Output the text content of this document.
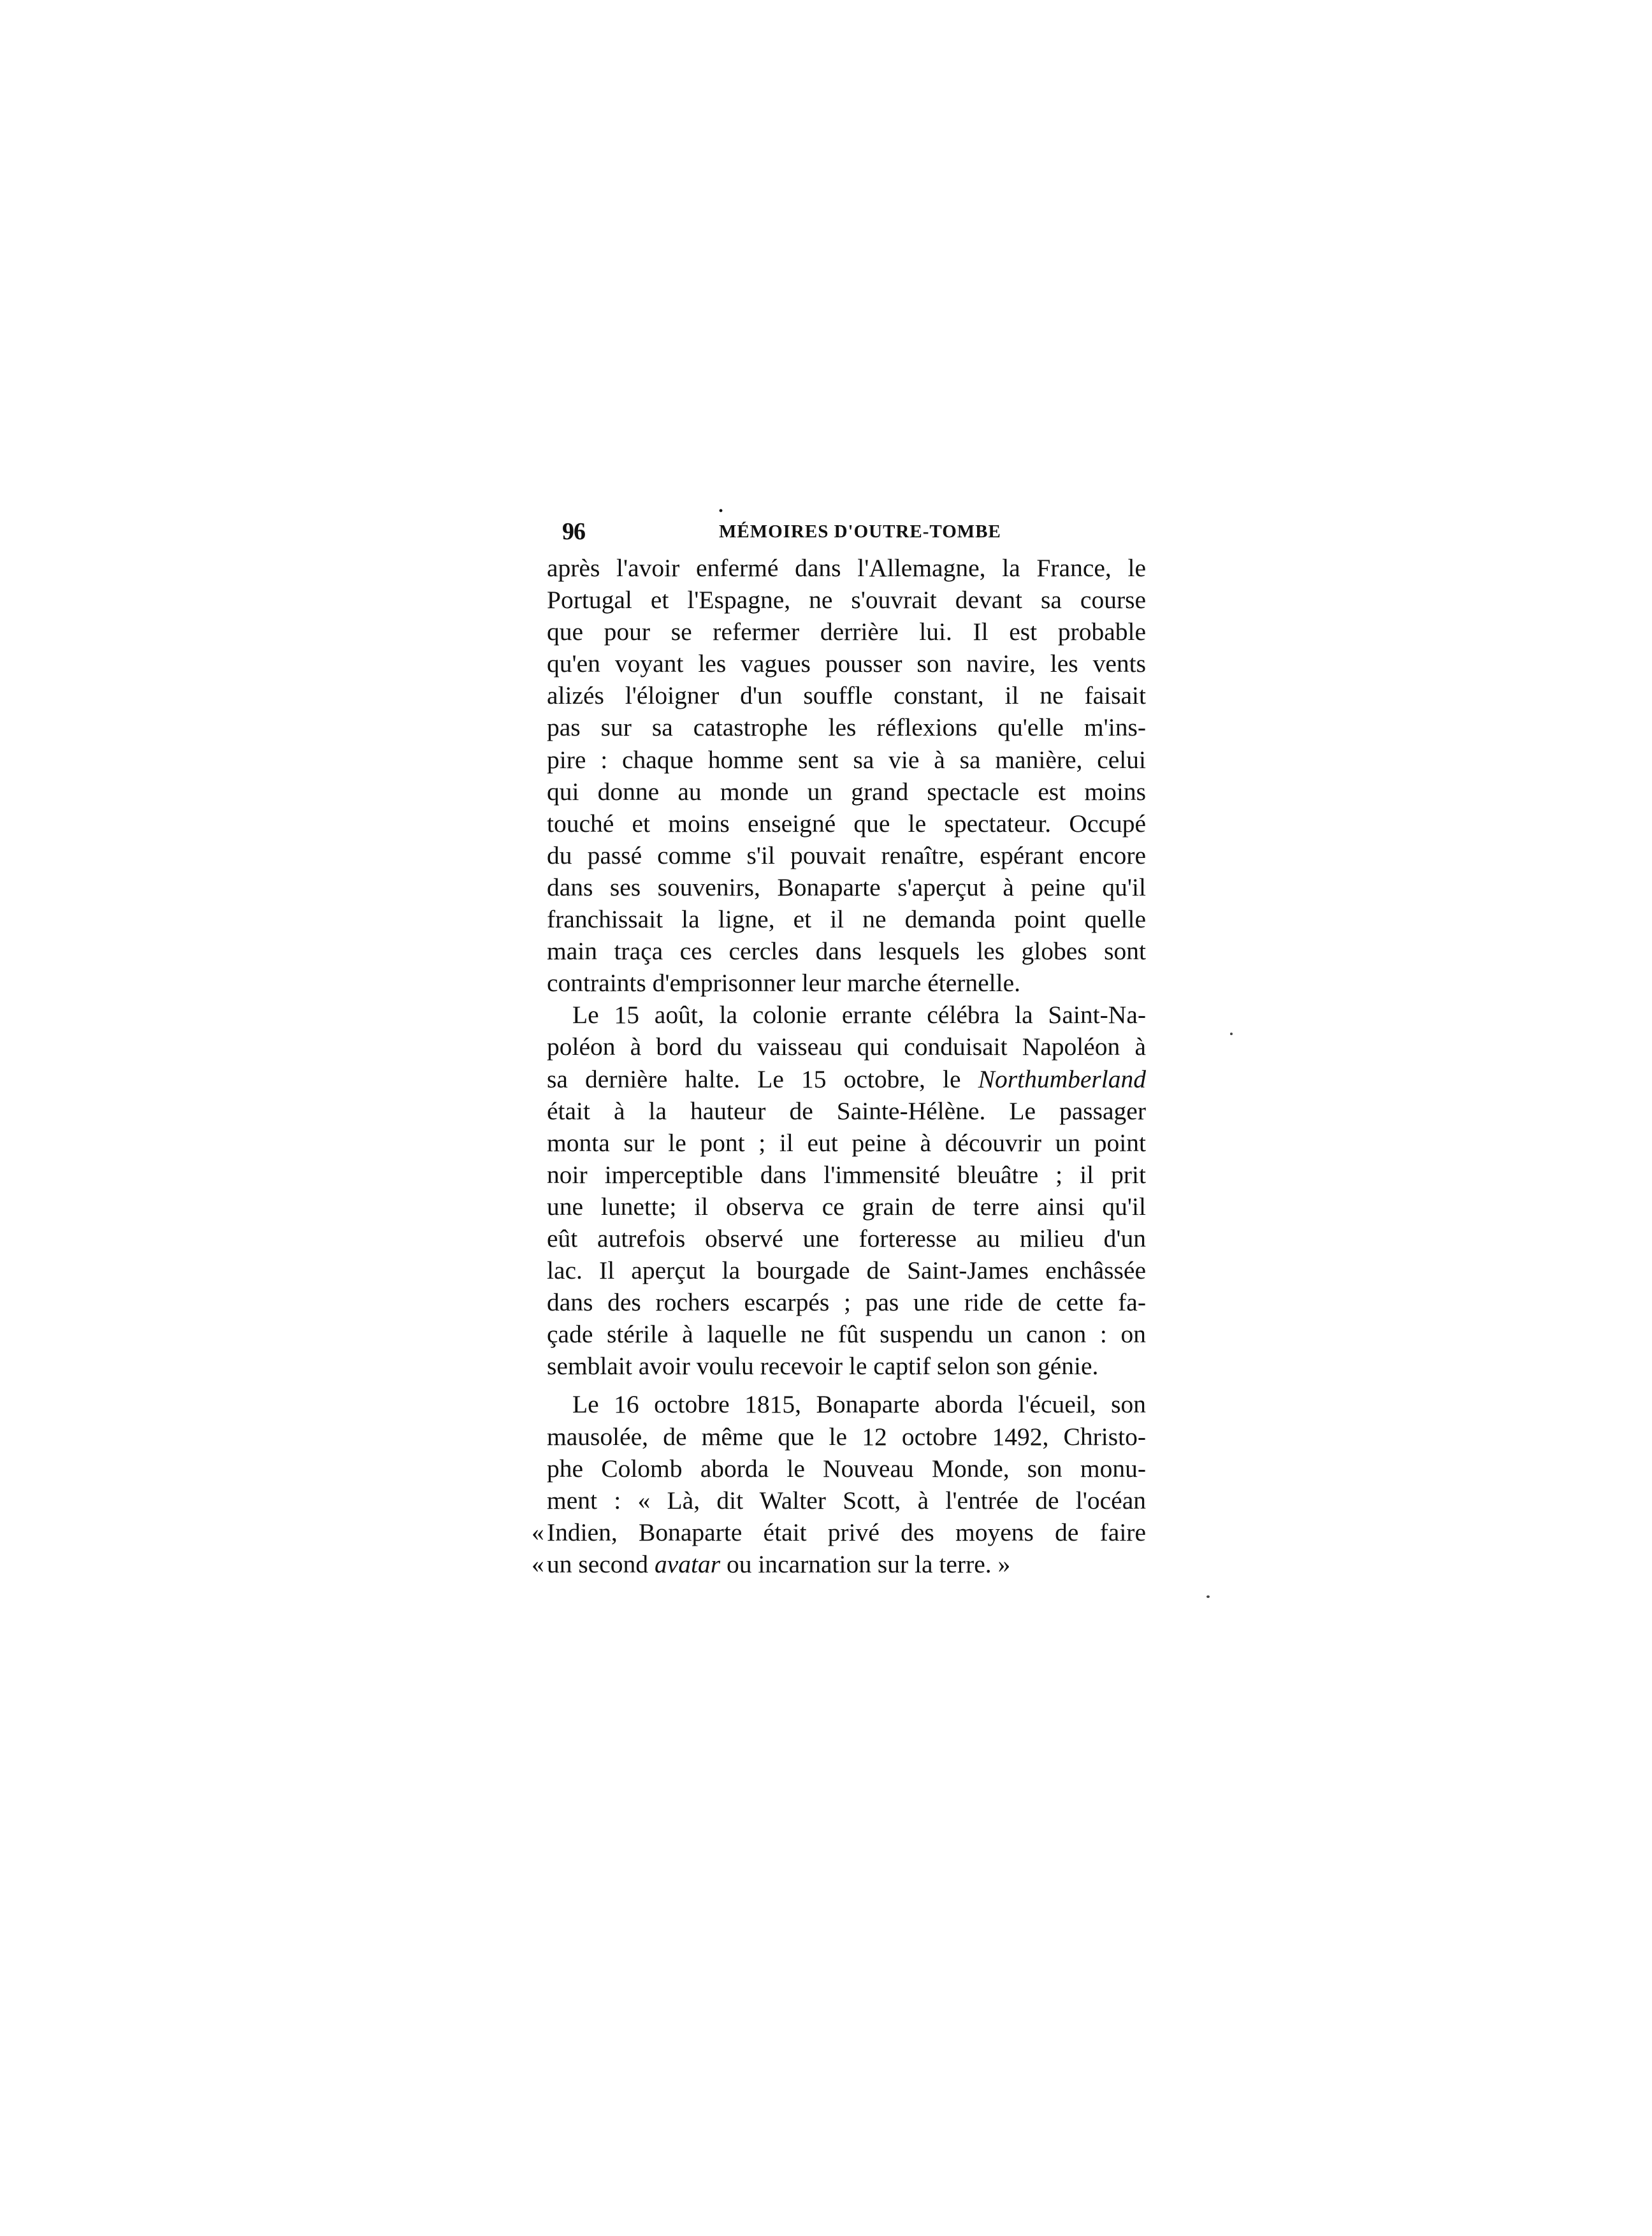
96
·
MÉMOIRES D'OUTRE-TOMBE
après l'avoir enfermé dans l'Allemagne, la France, le
Portugal et l'Espagne, ne s'ouvrait devant sa course
que pour se refermer derrière lui. Il est probable
qu'en voyant les vagues pousser son navire, les vents
alizés l'éloigner d'un souffle constant, il ne faisait
pas sur sa catastrophe les réflexions qu'elle m'ins-
pire : chaque homme sent sa vie à sa manière, celui
qui donne au monde un grand spectacle est moins
touché et moins enseigné que le spectateur. Occupé
du passé comme s'il pouvait renaître, espérant encore
dans ses souvenirs, Bonaparte s'aperçut à peine qu'il
franchissait la ligne, et il ne demanda point quelle
main traça ces cercles dans lesquels les globes sont
contraints d'emprisonner leur marche éternelle.
Le 15 août, la colonie errante célébra la Saint-Na-
poléon à bord du vaisseau qui conduisait Napoléon à
sa dernière halte. Le 15 octobre, le Northumberland
était à la hauteur de Sainte-Hélène. Le passager
monta sur le pont ; il eut peine à découvrir un point
noir imperceptible dans l'immensité bleuâtre ; il prit
une lunette; il observa ce grain de terre ainsi qu'il
eût autrefois observé une forteresse au milieu d'un
lac. Il aperçut la bourgade de Saint-James enchâssée
dans des rochers escarpés ; pas une ride de cette fa-
çade stérile à laquelle ne fût suspendu un canon : on
semblait avoir voulu recevoir le captif selon son génie.
Le 16 octobre 1815, Bonaparte aborda l'écueil, son
mausolée, de même que le 12 octobre 1492, Christo-
phe Colomb aborda le Nouveau Monde, son monu-
ment : « Là, dit Walter Scott, à l'entrée de l'océan
« Indien, Bonaparte était privé des moyens de faire
« un second avatar ou incarnation sur la terre. »
